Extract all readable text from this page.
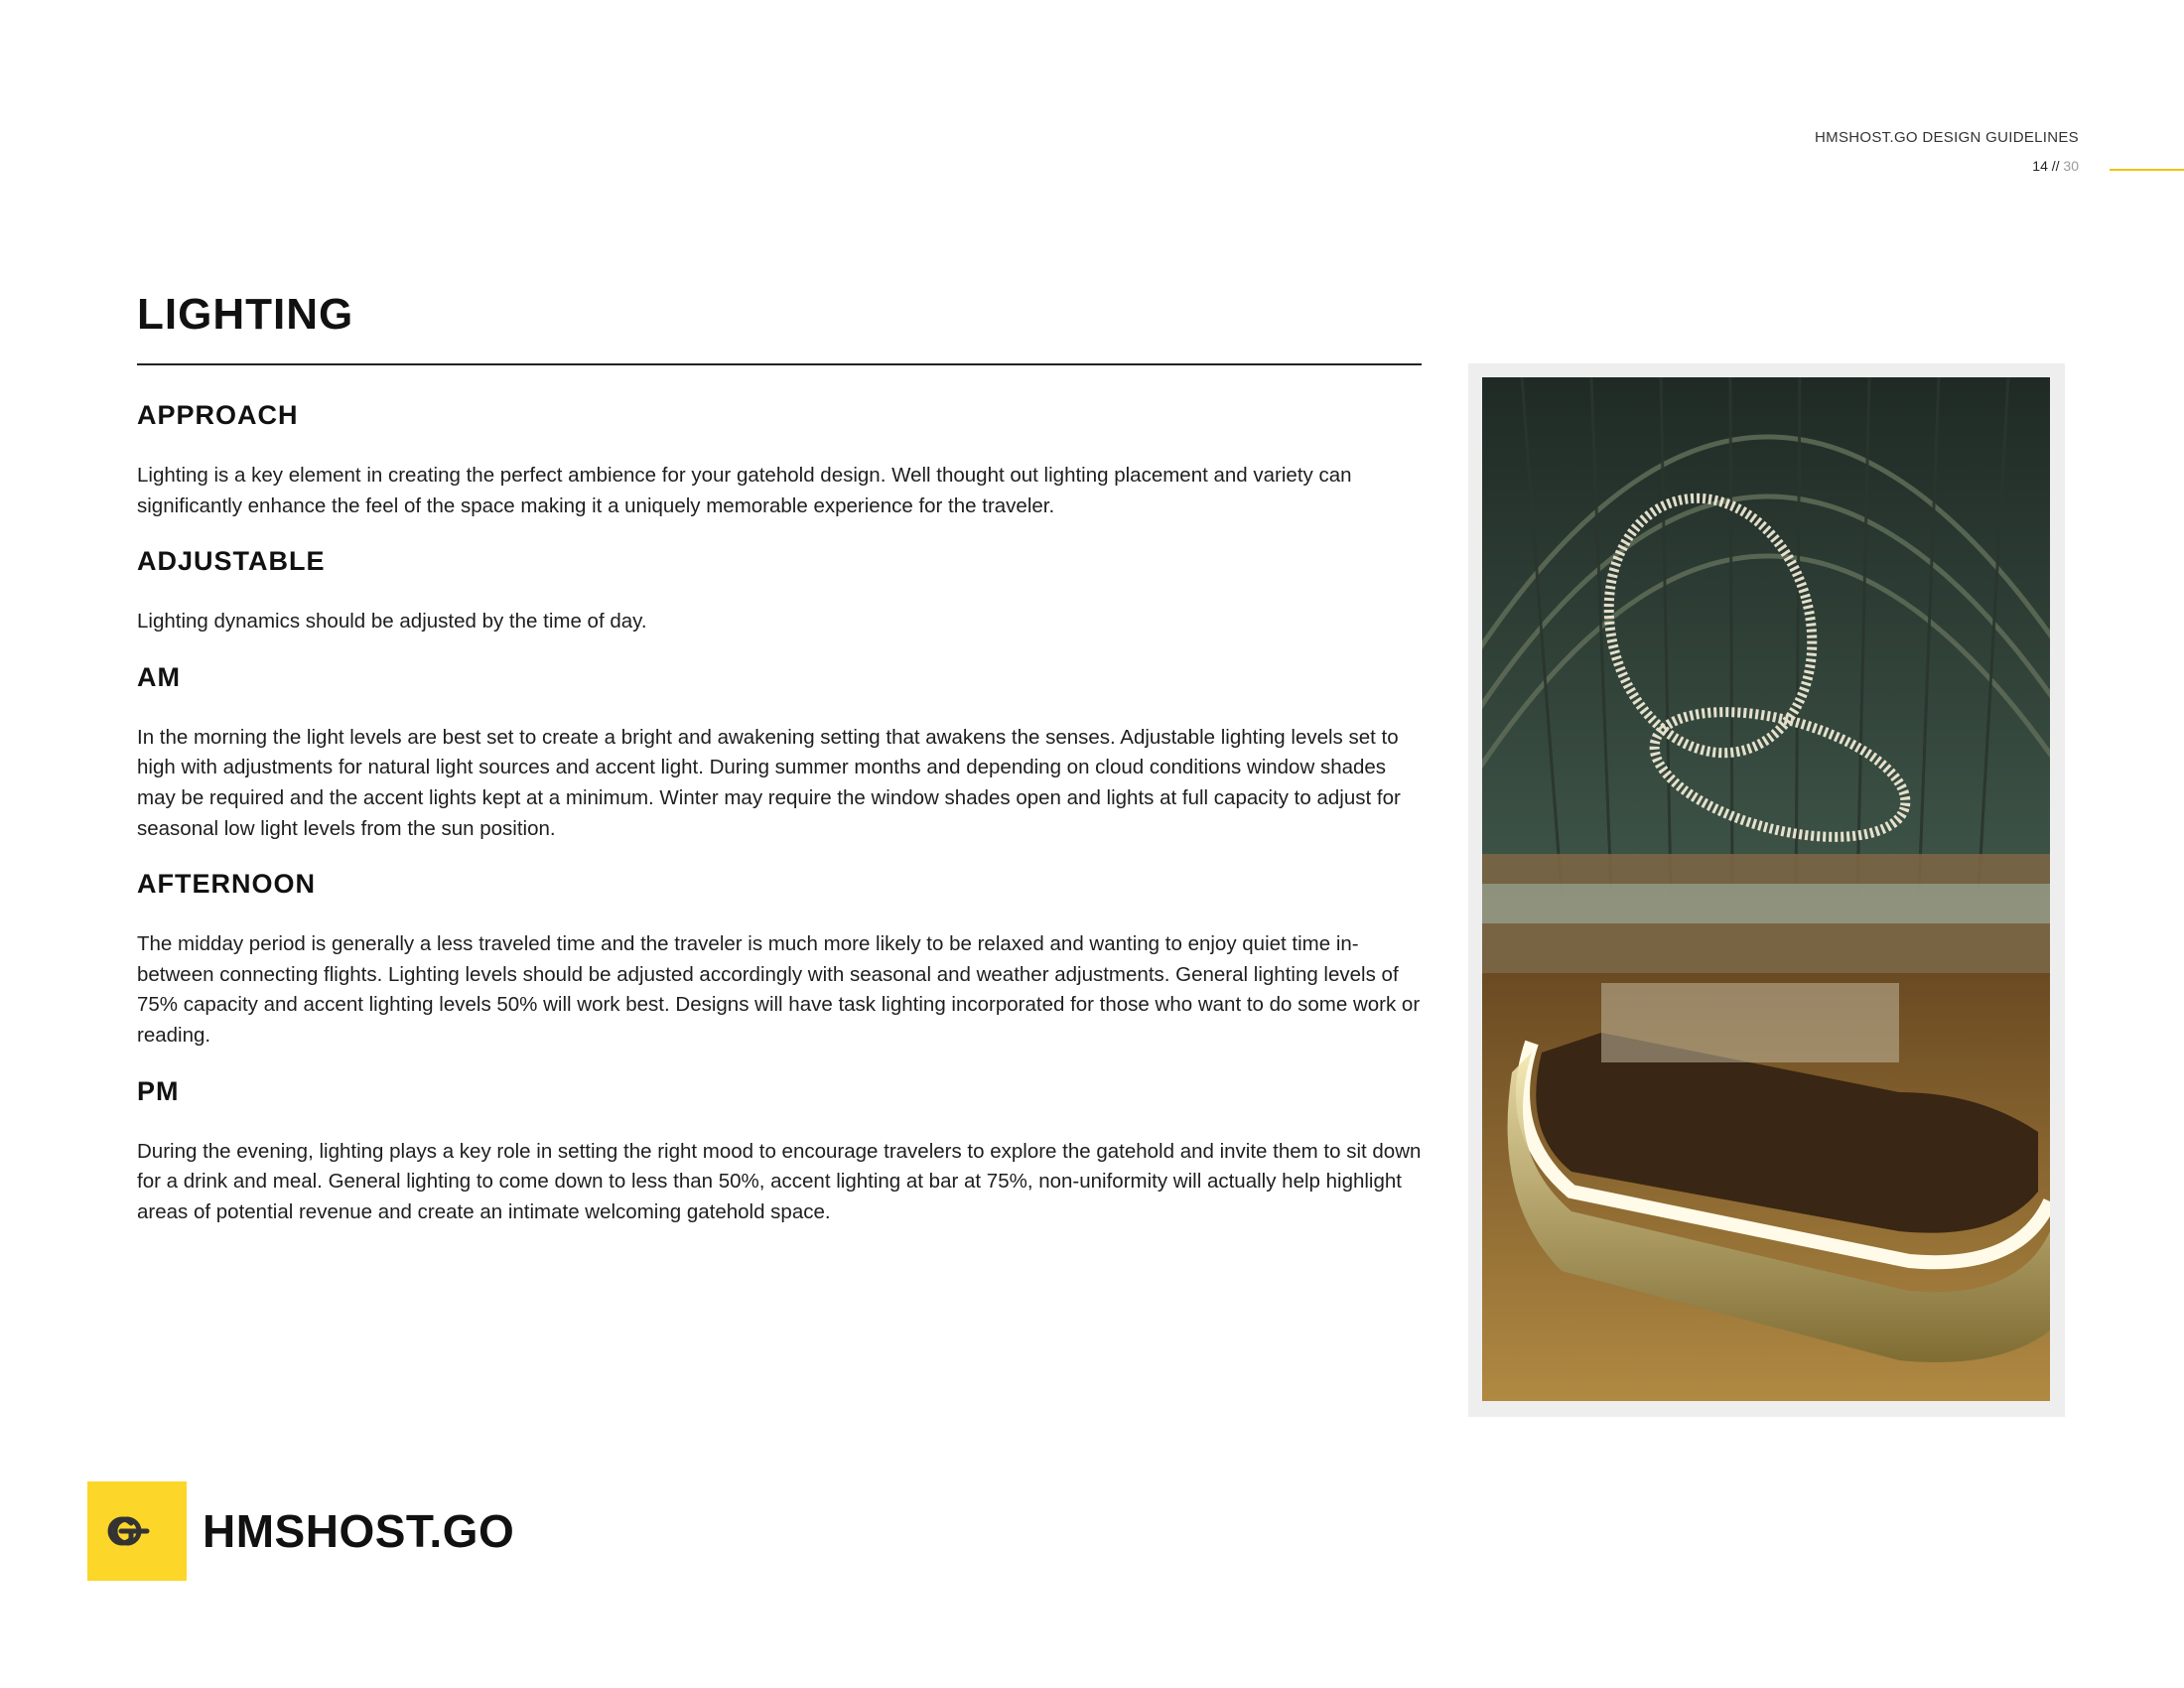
HMSHOST.GO DESIGN GUIDELINES
14 // 30
LIGHTING
APPROACH

Lighting is a key element in creating the perfect ambience for your gatehold design. Well thought out lighting placement and variety can significantly enhance the feel of the space making it a uniquely memorable experience for the traveler.

ADJUSTABLE

Lighting dynamics should be adjusted by the time of day.

AM

In the morning the light levels are best set to create a bright and awakening setting that awakens the senses. Adjustable lighting levels set to high with adjustments for natural light sources and accent light. During summer months and depending on cloud conditions window shades may be required and the accent lights kept at a minimum. Winter may require the window shades open and lights at full capacity to adjust for seasonal low light levels from the sun position.

AFTERNOON

The midday period is generally a less traveled time and the traveler is much more likely to be relaxed and wanting to enjoy quiet time in-between connecting flights. Lighting levels should be adjusted accordingly with seasonal and weather adjustments. General lighting levels of 75% capacity and accent lighting levels 50% will work best. Designs will have task lighting incorporated for those who want to do some work or reading.

PM

During the evening, lighting plays a key role in setting the right mood to encourage travelers to explore the gatehold and invite them to sit down for a drink and meal. General lighting to come down to less than 50%, accent lighting at bar at 75%, non-uniformity will actually help highlight areas of potential revenue and create an intimate welcoming gatehold space.

HMSHOST.GO
